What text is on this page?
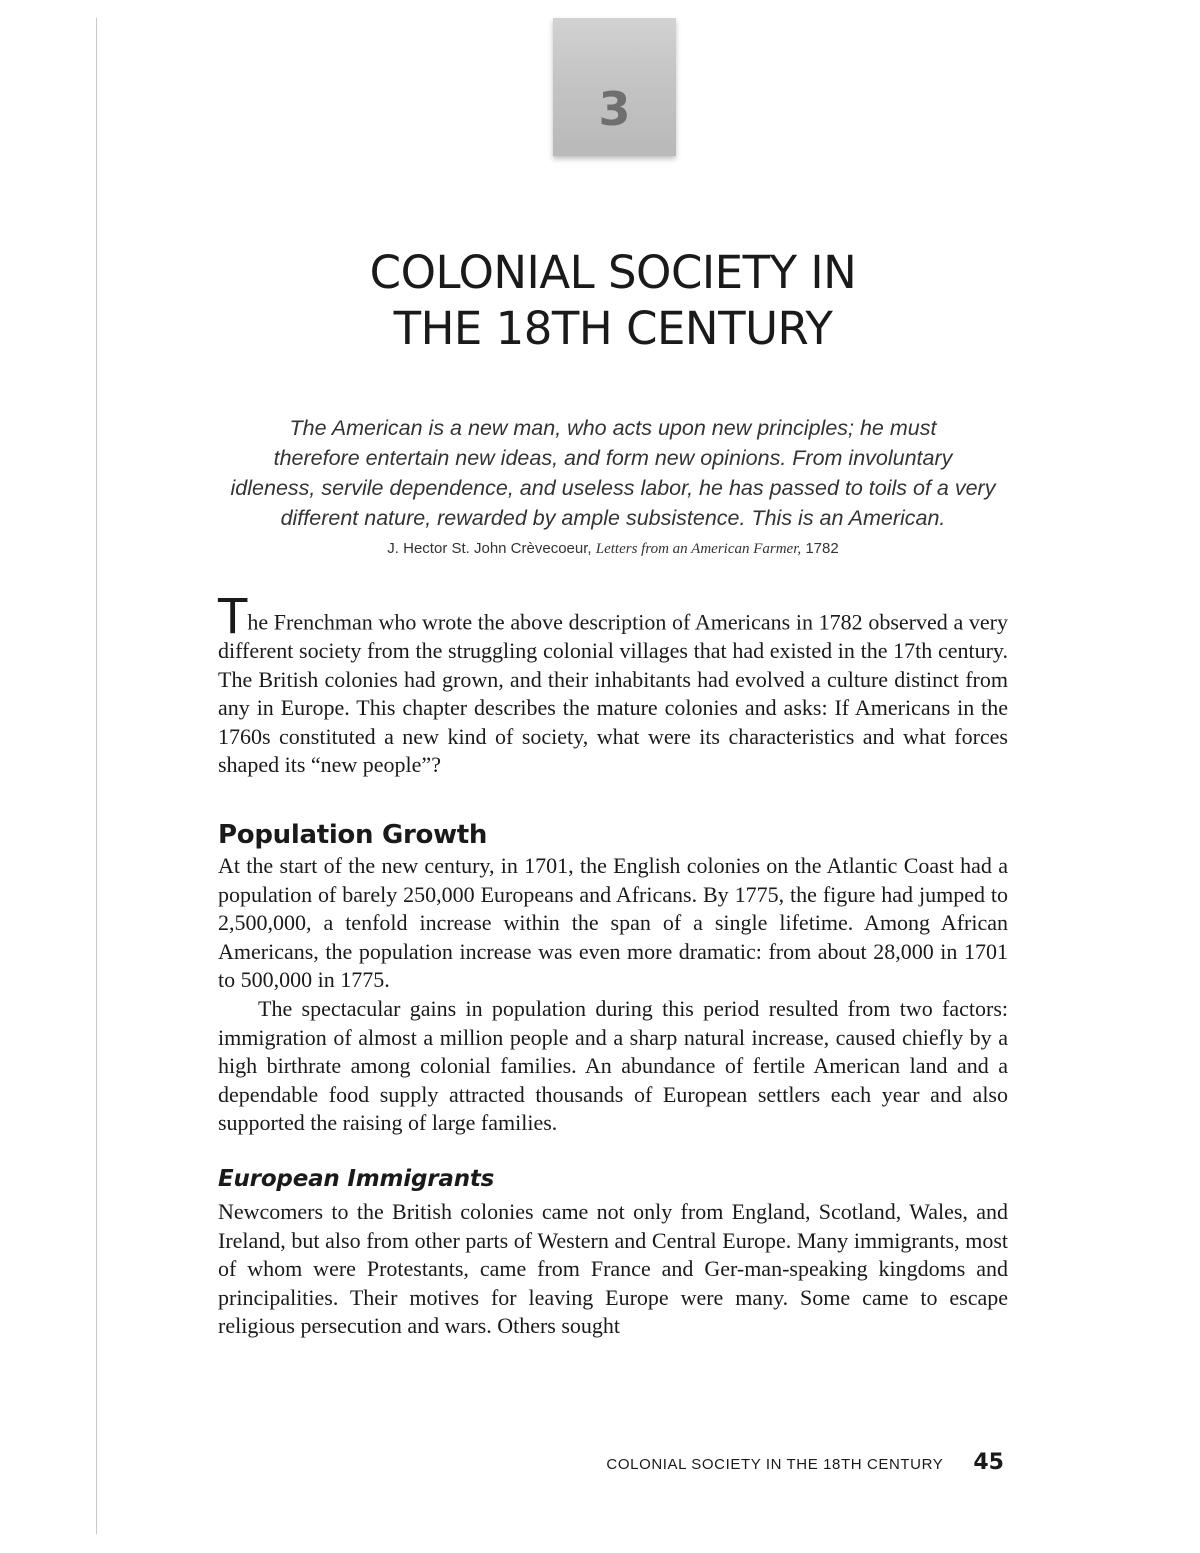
3
COLONIAL SOCIETY IN
THE 18TH CENTURY

The American is a new man, who acts upon new principles; he must
therefore entertain new ideas, and form new opinions. From involuntary
idleness, servile dependence, and useless labor, he has passed to toils of a very
different nature, rewarded by ample subsistence. This is an American.

J. Hector St. John Crèvecoeur, Letters from an American Farmer, 1782

The Frenchman who wrote the above description of Americans in 1782 observed a very different society from the struggling colonial villages that had existed in the 17th century. The British colonies had grown, and their inhabitants had evolved a culture distinct from any in Europe. This chapter describes the mature colonies and asks: If Americans in the 1760s constituted a new kind of society, what were its characteristics and what forces shaped its “new people”?

Population Growth

At the start of the new century, in 1701, the English colonies on the Atlantic Coast had a population of barely 250,000 Europeans and Africans. By 1775, the figure had jumped to 2,500,000, a tenfold increase within the span of a single lifetime. Among African Americans, the population increase was even more dramatic: from about 28,000 in 1701 to 500,000 in 1775.

The spectacular gains in population during this period resulted from two factors: immigration of almost a million people and a sharp natural increase, caused chiefly by a high birthrate among colonial families. An abundance of fertile American land and a dependable food supply attracted thousands of European settlers each year and also supported the raising of large families.

European Immigrants

Newcomers to the British colonies came not only from England, Scotland, Wales, and Ireland, but also from other parts of Western and Central Europe. Many immigrants, most of whom were Protestants, came from France and Ger-man-speaking kingdoms and principalities. Their motives for leaving Europe were many. Some came to escape religious persecution and wars. Others sought

COLONIAL SOCIETY IN THE 18TH CENTURY 45
